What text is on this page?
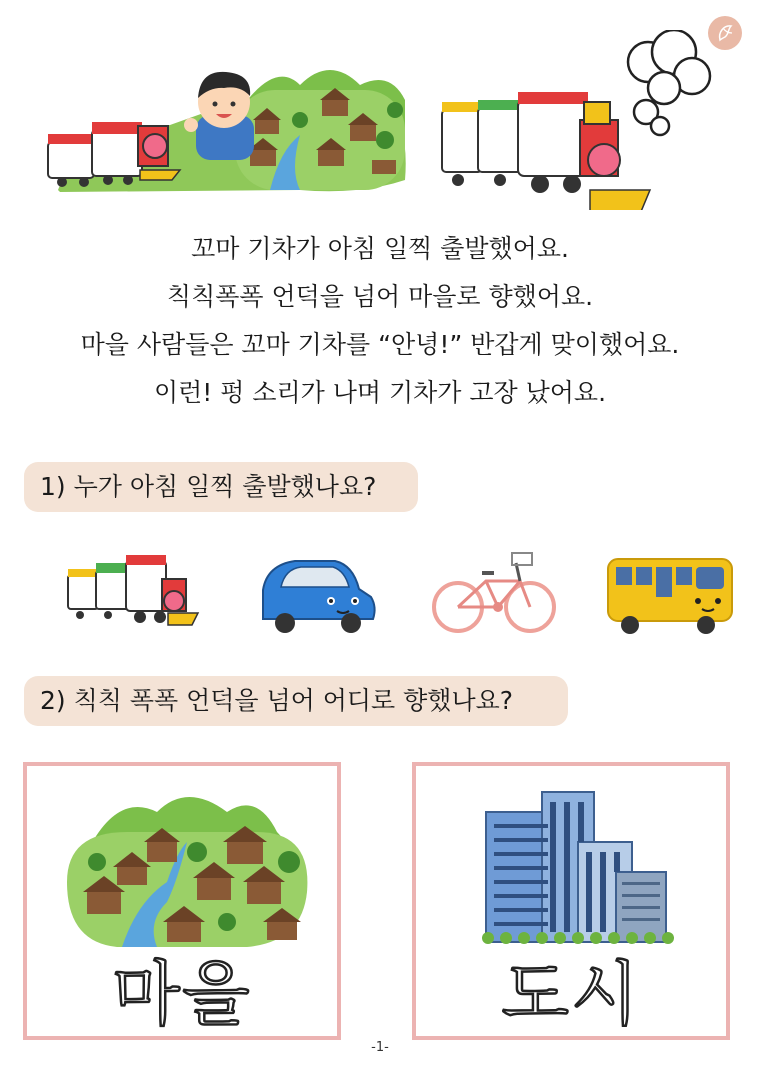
꼬마 기차가 아침 일찍 출발했어요.
칙칙폭폭 언덕을 넘어 마을로 향했어요.
마을 사람들은 꼬마 기차를 “안녕!” 반갑게 맞이했어요.
이런! 펑 소리가 나며 기차가 고장 났어요.
1) 누가 아침 일찍 출발했나요?
2) 칙칙 폭폭 언덕을 넘어 어디로 향했나요?
마을	도시
-1-
